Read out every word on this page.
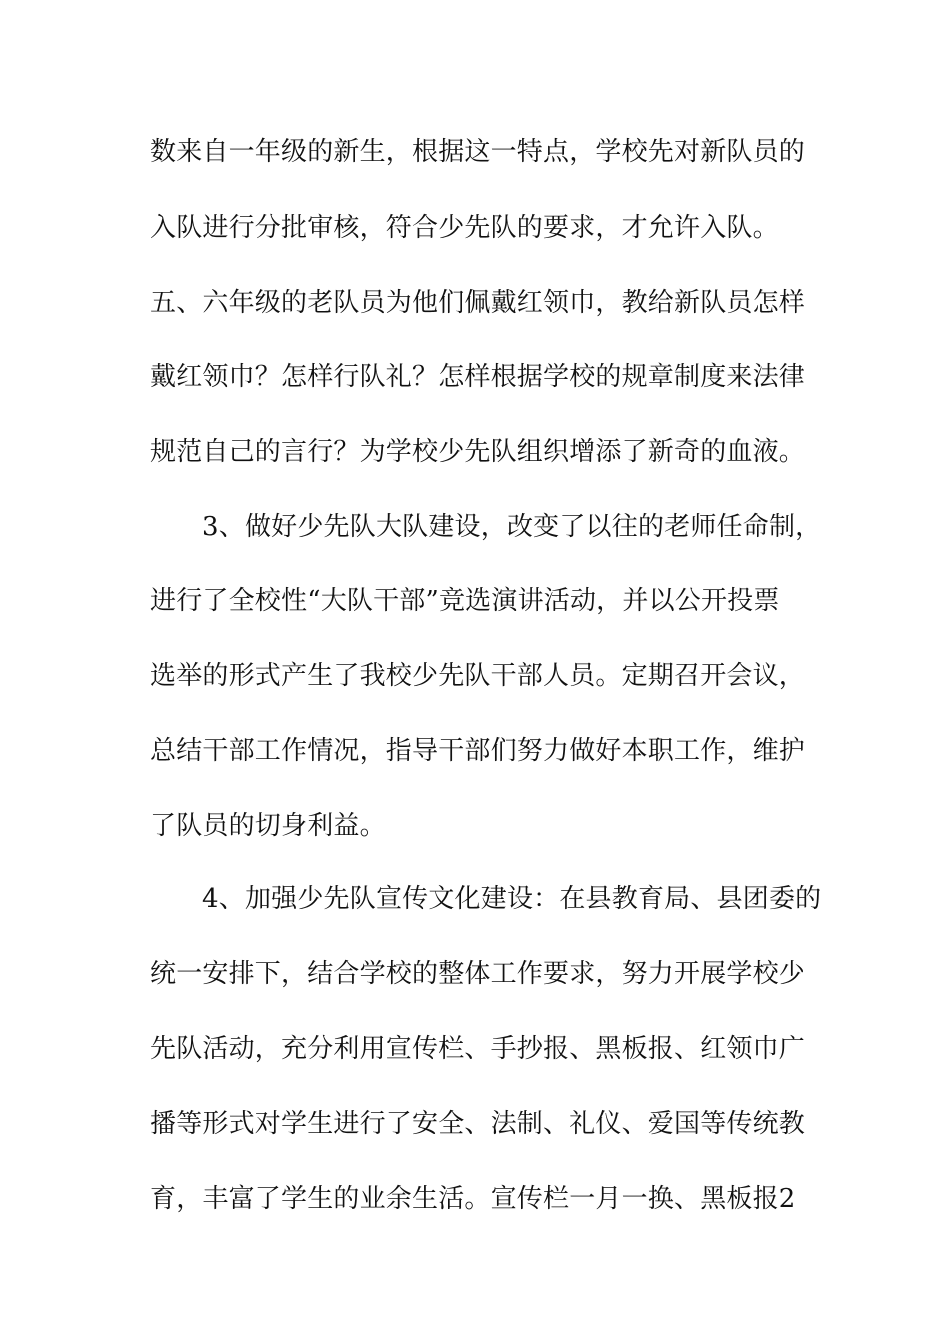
数来自一年级的新生，根据这一特点，学校先对新队员的
入队进行分批审核，符合少先队的要求，才允许入队。
五、六年级的老队员为他们佩戴红领巾，教给新队员怎样
戴红领巾？怎样行队礼？怎样根据学校的规章制度来法律
规范自己的言行？为学校少先队组织增添了新奇的血液。
3、做好少先队大队建设，改变了以往的老师任命制，
进行了全校性“大队干部”竞选演讲活动，并以公开投票
选举的形式产生了我校少先队干部人员。定期召开会议，
总结干部工作情况，指导干部们努力做好本职工作，维护
了队员的切身利益。
4、加强少先队宣传文化建设：在县教育局、县团委的
统一安排下，结合学校的整体工作要求，努力开展学校少
先队活动，充分利用宣传栏、手抄报、黑板报、红领巾广
播等形式对学生进行了安全、法制、礼仪、爱国等传统教
育，丰富了学生的业余生活。宣传栏一月一换、黑板报2
